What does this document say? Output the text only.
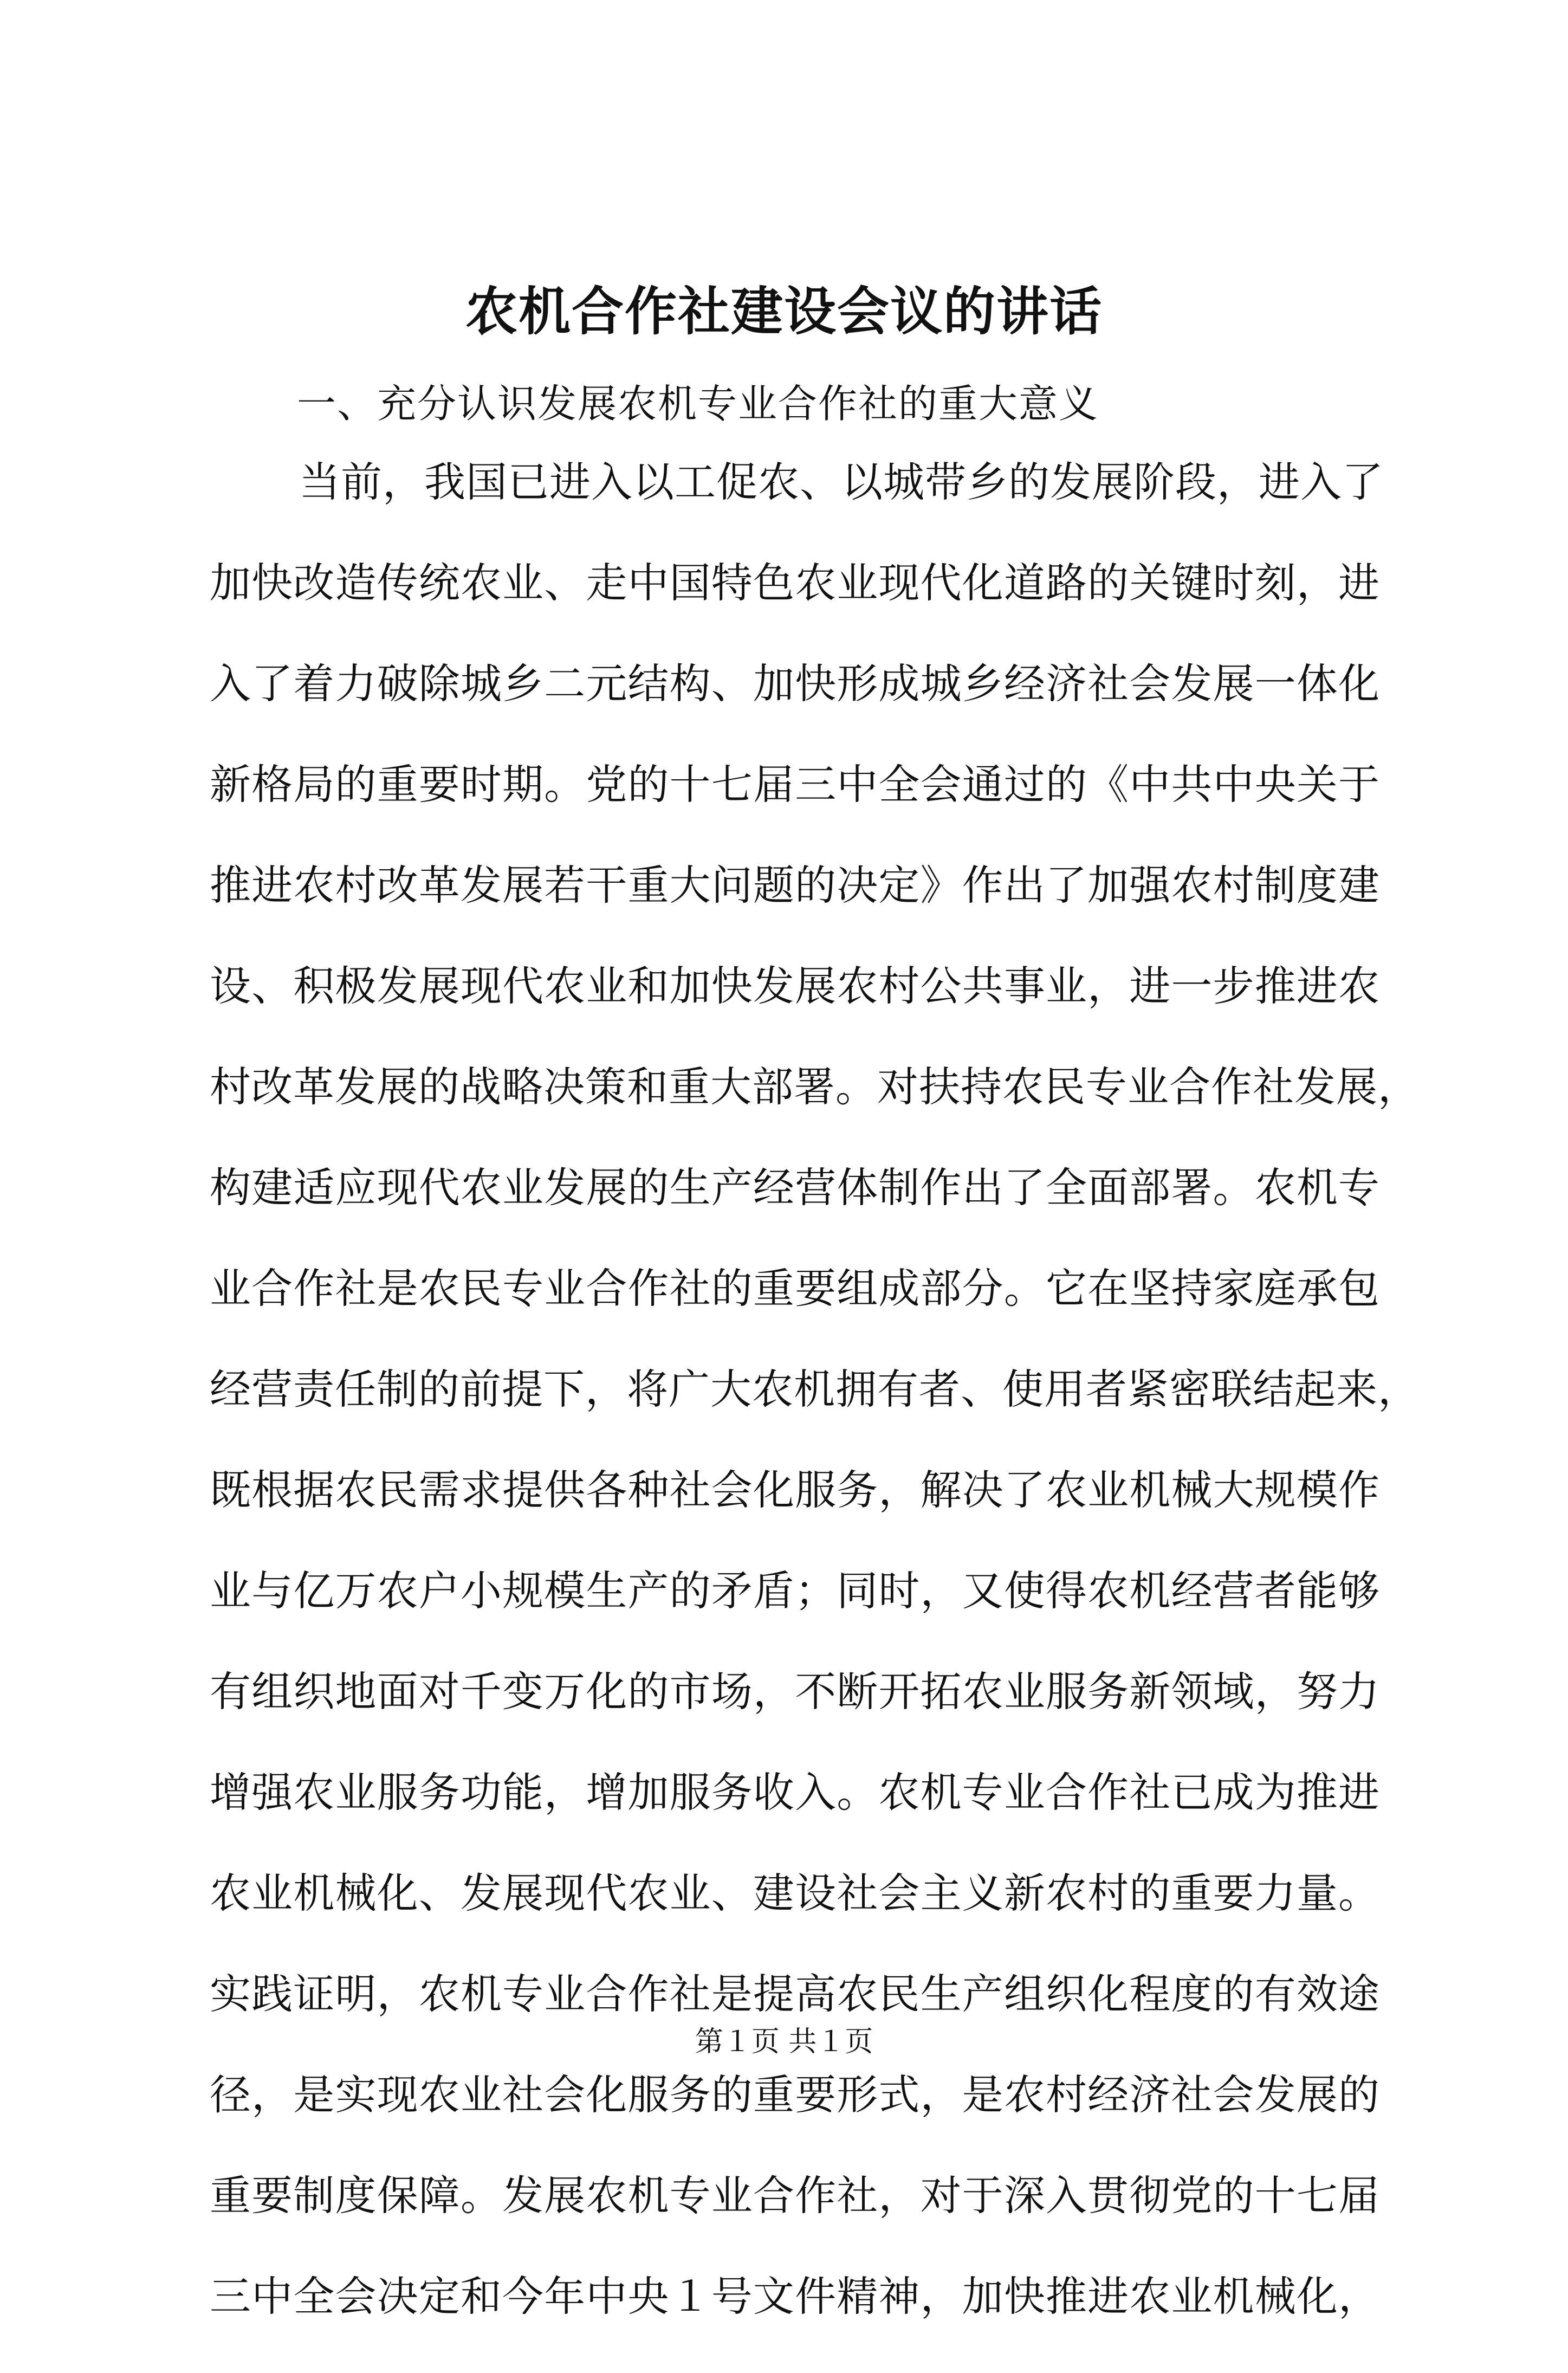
农机合作社建设会议的讲话

一、充分认识发展农机专业合作社的重大意义

当前，我国已进入以工促农、以城带乡的发展阶段，进入了
加快改造传统农业、走中国特色农业现代化道路的关键时刻，进
入了着力破除城乡二元结构、加快形成城乡经济社会发展一体化
新格局的重要时期。党的十七届三中全会通过的《中共中央关于
推进农村改革发展若干重大问题的决定》作出了加强农村制度建
设、积极发展现代农业和加快发展农村公共事业，进一步推进农
村改革发展的战略决策和重大部署。对扶持农民专业合作社发展，
构建适应现代农业发展的生产经营体制作出了全面部署。农机专
业合作社是农民专业合作社的重要组成部分。它在坚持家庭承包
经营责任制的前提下，将广大农机拥有者、使用者紧密联结起来，
既根据农民需求提供各种社会化服务，解决了农业机械大规模作
业与亿万农户小规模生产的矛盾；同时，又使得农机经营者能够
有组织地面对千变万化的市场，不断开拓农业服务新领域，努力
增强农业服务功能，增加服务收入。农机专业合作社已成为推进
农业机械化、发展现代农业、建设社会主义新农村的重要力量。
实践证明，农机专业合作社是提高农民生产组织化程度的有效途
径，是实现农业社会化服务的重要形式，是农村经济社会发展的
重要制度保障。发展农机专业合作社，对于深入贯彻党的十七届
三中全会决定和今年中央１号文件精神，加快推进农业机械化，

第１页 共１页
